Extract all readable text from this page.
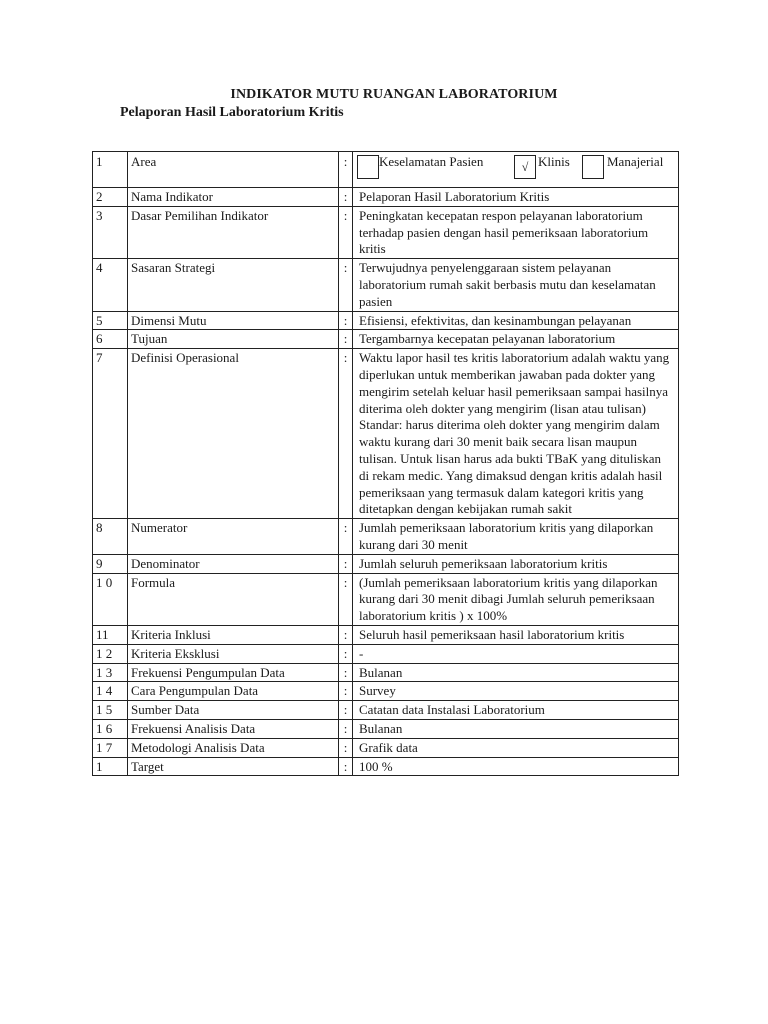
INDIKATOR MUTU RUANGAN LABORATORIUM
Pelaporan Hasil Laboratorium Kritis
1	Area	:	Keselamatan Pasien √ Klinis Manajerial

2	Nama Indikator	:	Pelaporan Hasil Laboratorium Kritis
3	Dasar Pemilihan Indikator	:	Peningkatan kecepatan respon pelayanan laboratorium terhadap pasien dengan hasil pemeriksaan laboratorium kritis
4	Sasaran Strategi	:	Terwujudnya penyelenggaraan sistem pelayanan laboratorium rumah sakit berbasis mutu dan keselamatan pasien
5	Dimensi Mutu	:	Efisiensi, efektivitas, dan kesinambungan pelayanan
6	Tujuan	:	Tergambarnya kecepatan pelayanan laboratorium
7	Definisi Operasional	:	Waktu lapor hasil tes kritis laboratorium adalah waktu yang diperlukan untuk memberikan jawaban pada dokter yang mengirim setelah keluar hasil pemeriksaan sampai hasilnya diterima oleh dokter yang mengirim (lisan atau tulisan) Standar: harus diterima oleh dokter yang mengirim dalam waktu kurang dari 30 menit baik secara lisan maupun tulisan. Untuk lisan harus ada bukti TBaK yang dituliskan di rekam medic. Yang dimaksud dengan kritis adalah hasil pemeriksaan yang termasuk dalam kategori kritis yang ditetapkan dengan kebijakan rumah sakit
8	Numerator	:	Jumlah pemeriksaan laboratorium kritis yang dilaporkan kurang dari 30 menit
9	Denominator	:	Jumlah seluruh pemeriksaan laboratorium kritis
1 0	Formula	:	(Jumlah pemeriksaan laboratorium kritis yang dilaporkan kurang dari 30 menit dibagi Jumlah seluruh pemeriksaan laboratorium kritis ) x 100%
11	Kriteria Inklusi	:	Seluruh hasil pemeriksaan hasil laboratorium kritis
1 2	Kriteria Eksklusi	:	-
1 3	Frekuensi Pengumpulan Data	:	Bulanan
1 4	Cara Pengumpulan Data	:	Survey
1 5	Sumber Data	:	Catatan data Instalasi Laboratorium
1 6	Frekuensi Analisis Data	:	Bulanan
1 7	Metodologi Analisis Data	:	Grafik data
1	Target	:	100 %
